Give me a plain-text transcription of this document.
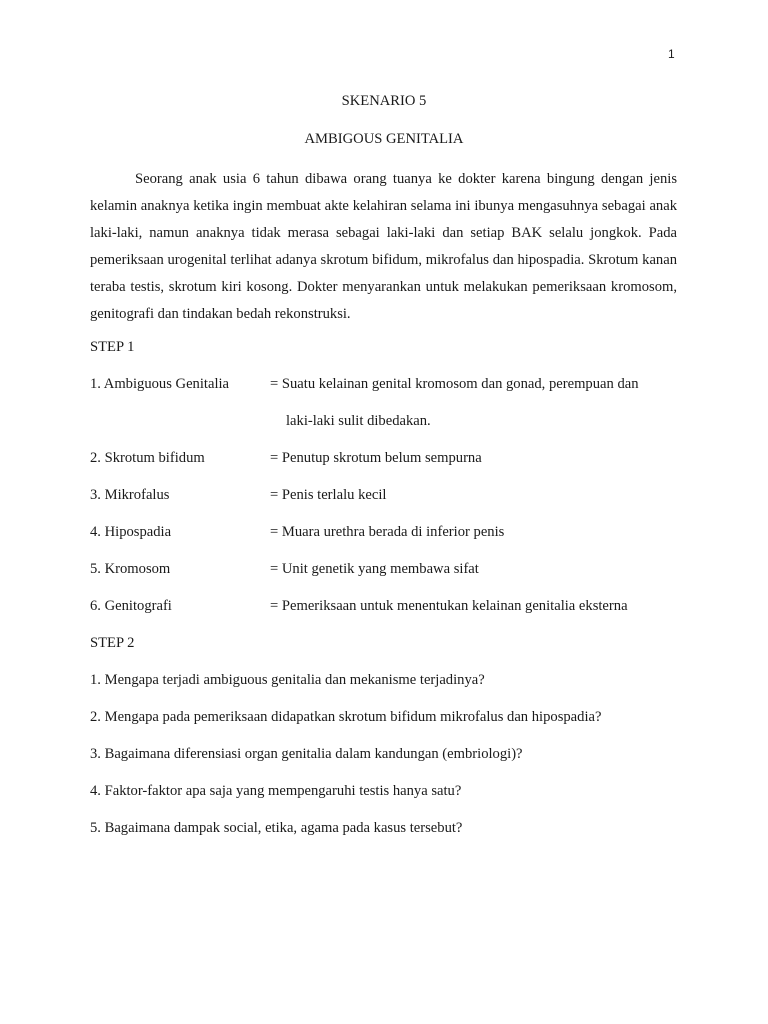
1
SKENARIO 5
AMBIGOUS GENITALIA

Seorang anak usia 6 tahun dibawa orang tuanya ke dokter karena bingung dengan jenis kelamin anaknya ketika ingin membuat akte kelahiran selama ini ibunya mengasuhnya sebagai anak laki-laki, namun anaknya tidak merasa sebagai laki-laki dan setiap BAK selalu jongkok. Pada pemeriksaan urogenital terlihat adanya skrotum bifidum, mikrofalus dan hipospadia. Skrotum kanan teraba testis, skrotum kiri kosong. Dokter menyarankan untuk melakukan pemeriksaan kromosom, genitografi dan tindakan bedah rekonstruksi.

STEP 1
1. Ambiguous Genitalia	= Suatu kelainan genital kromosom dan gonad, perempuan dan
laki-laki sulit dibedakan.
2. Skrotum bifidum	= Penutup skrotum belum sempurna
3. Mikrofalus	= Penis terlalu kecil
4. Hipospadia	= Muara urethra berada di inferior penis
5. Kromosom	= Unit genetik yang membawa sifat
6. Genitografi	= Pemeriksaan untuk menentukan kelainan genitalia eksterna
STEP 2
1. Mengapa terjadi ambiguous genitalia dan mekanisme terjadinya?
2. Mengapa pada pemeriksaan didapatkan skrotum bifidum mikrofalus dan hipospadia?
3. Bagaimana diferensiasi organ genitalia dalam kandungan (embriologi)?
4. Faktor-faktor apa saja yang mempengaruhi testis hanya satu?
5. Bagaimana dampak social, etika, agama pada kasus tersebut?
